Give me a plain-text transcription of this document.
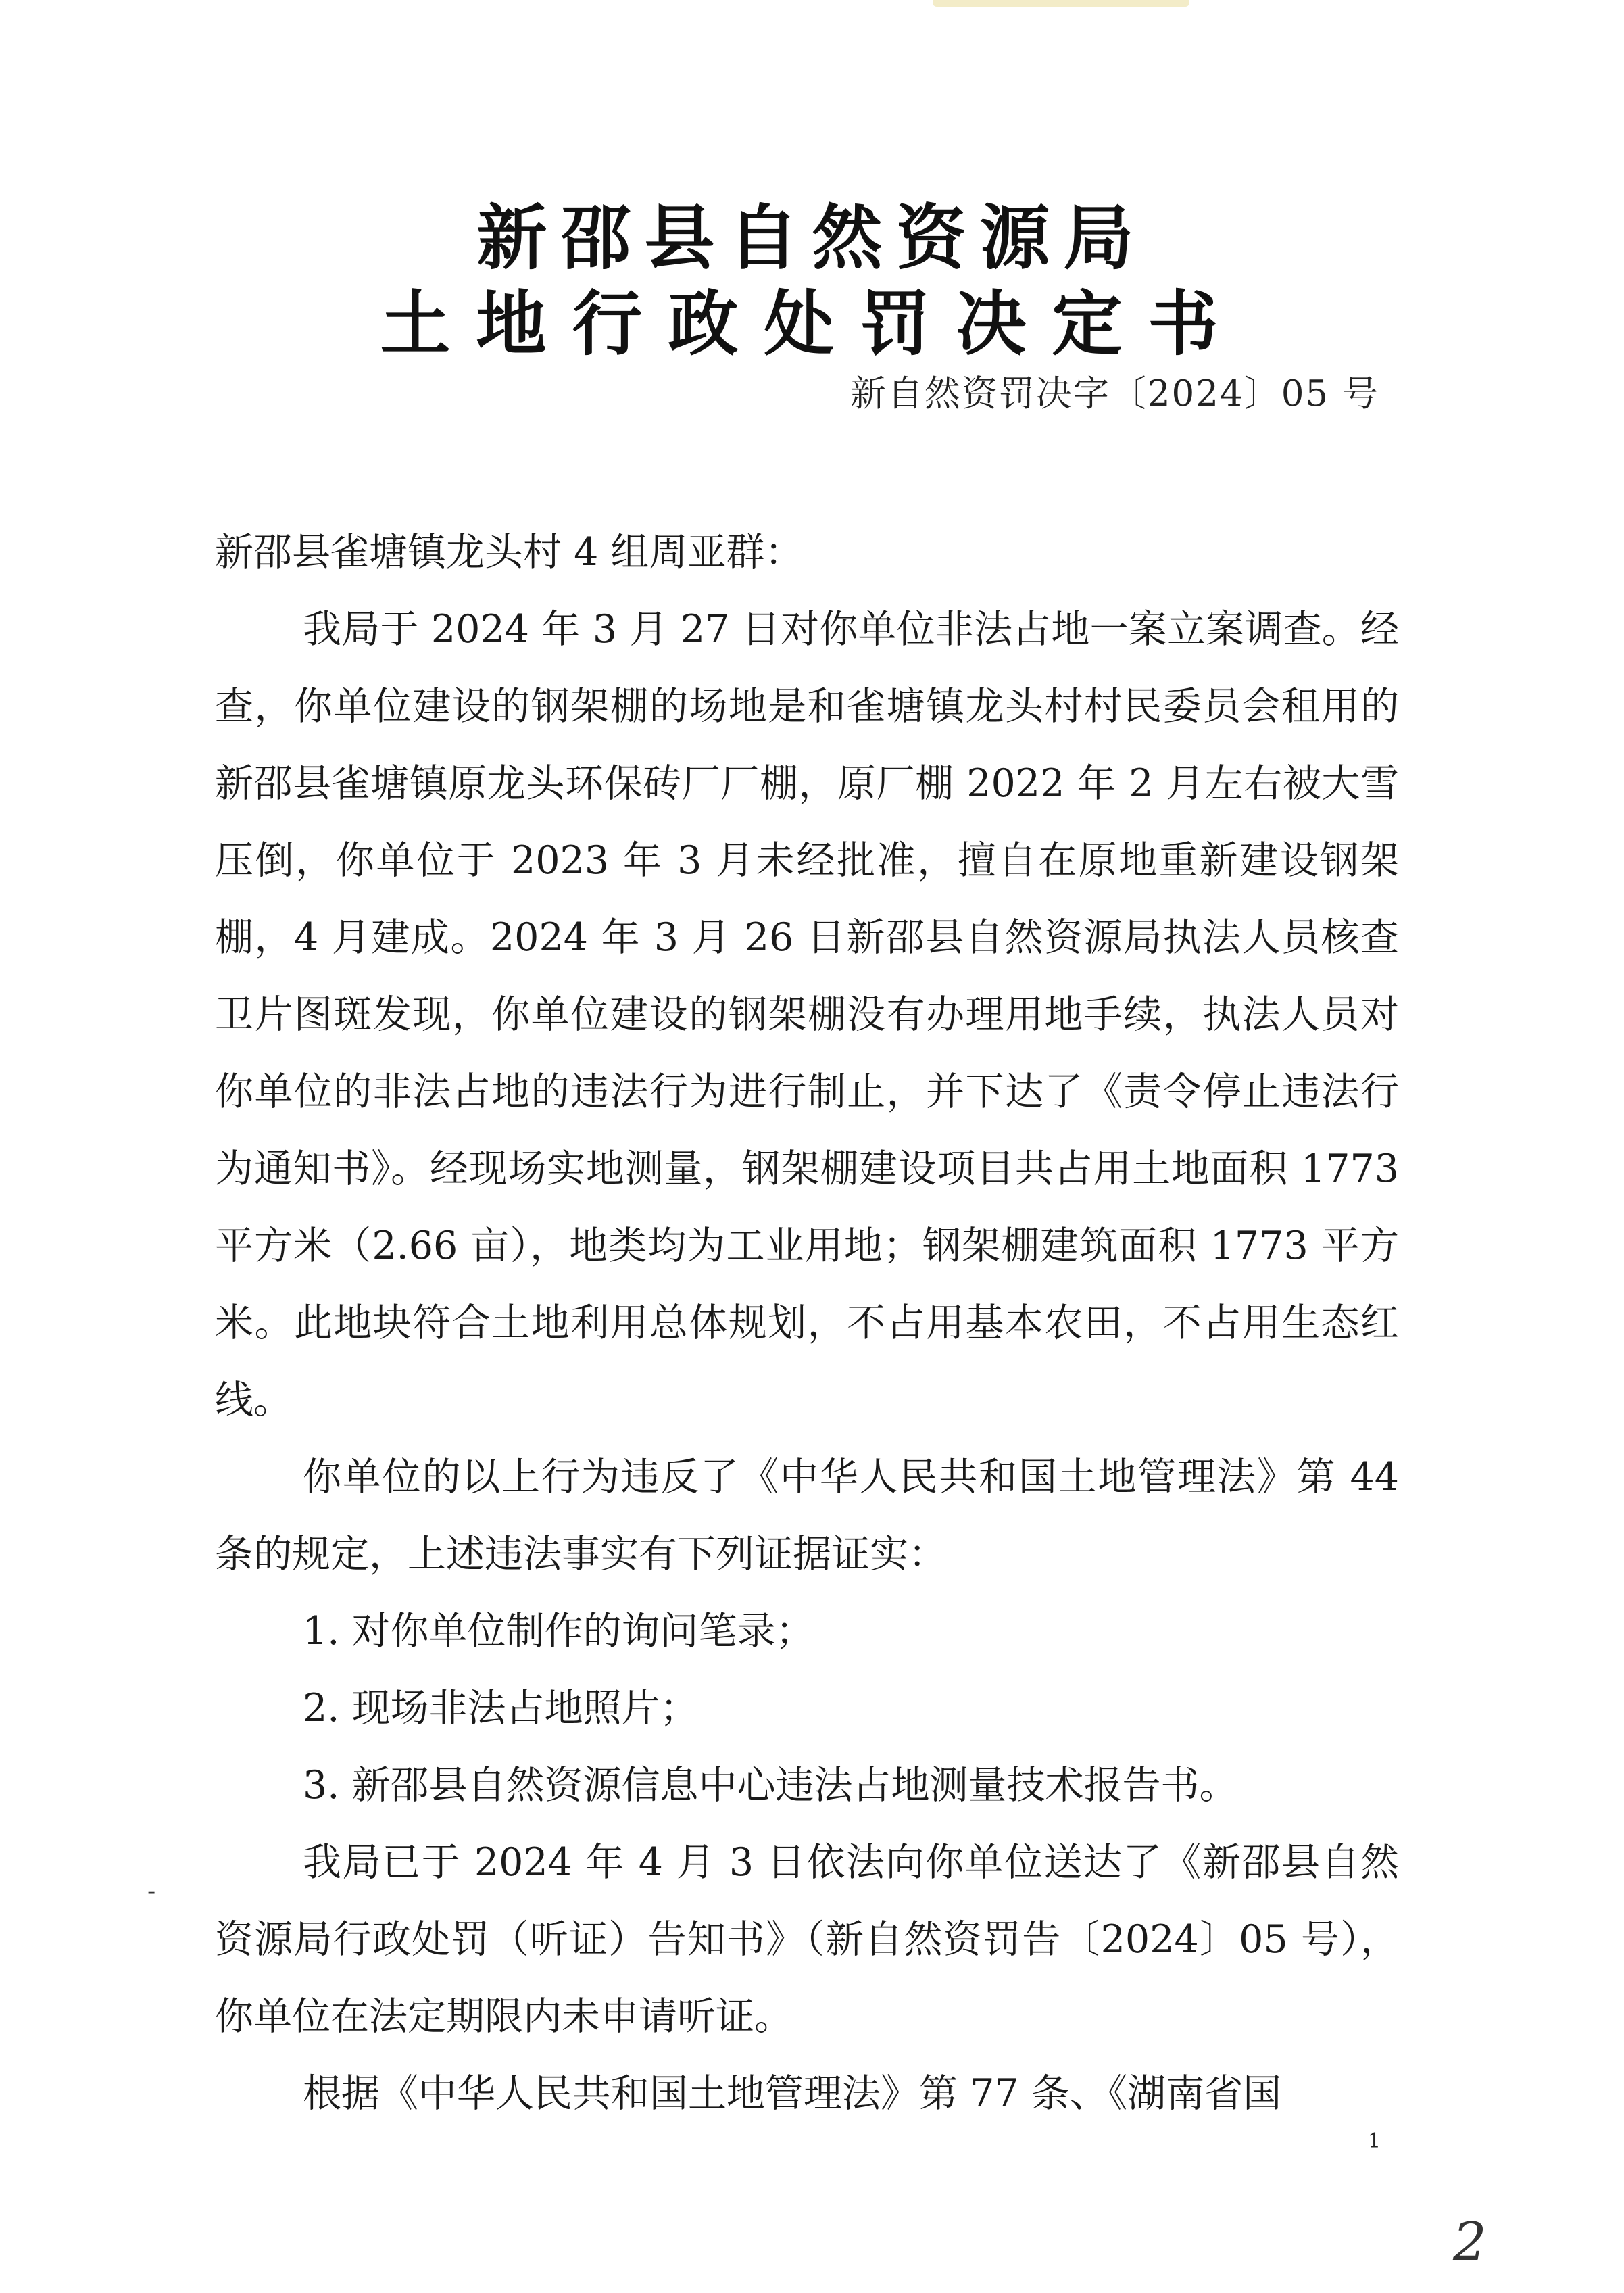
新邵县自然资源局
土地行政处罚决定书
新自然资罚决字〔2024〕05 号
新邵县雀塘镇龙头村 4 组周亚群：

我局于 2024 年 3 月 27 日对你单位非法占地一案立案调查。经查，你单位建设的钢架棚的场地是和雀塘镇龙头村村民委员会租用的新邵县雀塘镇原龙头环保砖厂厂棚，原厂棚 2022 年 2 月左右被大雪压倒，你单位于 2023 年 3 月未经批准，擅自在原地重新建设钢架棚，4 月建成。2024 年 3 月 26 日新邵县自然资源局执法人员核查卫片图斑发现，你单位建设的钢架棚没有办理用地手续，执法人员对你单位的非法占地的违法行为进行制止，并下达了《责令停止违法行为通知书》。经现场实地测量，钢架棚建设项目共占用土地面积 1773 平方米（2.66 亩），地类均为工业用地；钢架棚建筑面积 1773 平方米。此地块符合土地利用总体规划，不占用基本农田，不占用生态红线。

你单位的以上行为违反了《中华人民共和国土地管理法》第 44 条的规定，上述违法事实有下列证据证实：

1. 对你单位制作的询问笔录；

2. 现场非法占地照片；

3. 新邵县自然资源信息中心违法占地测量技术报告书。

我局已于 2024 年 4 月 3 日依法向你单位送达了《新邵县自然资源局行政处罚（听证）告知书》（新自然资罚告〔2024〕05 号），你单位在法定期限内未申请听证。

根据《中华人民共和国土地管理法》第 77 条、《湖南省国

-
1
2
